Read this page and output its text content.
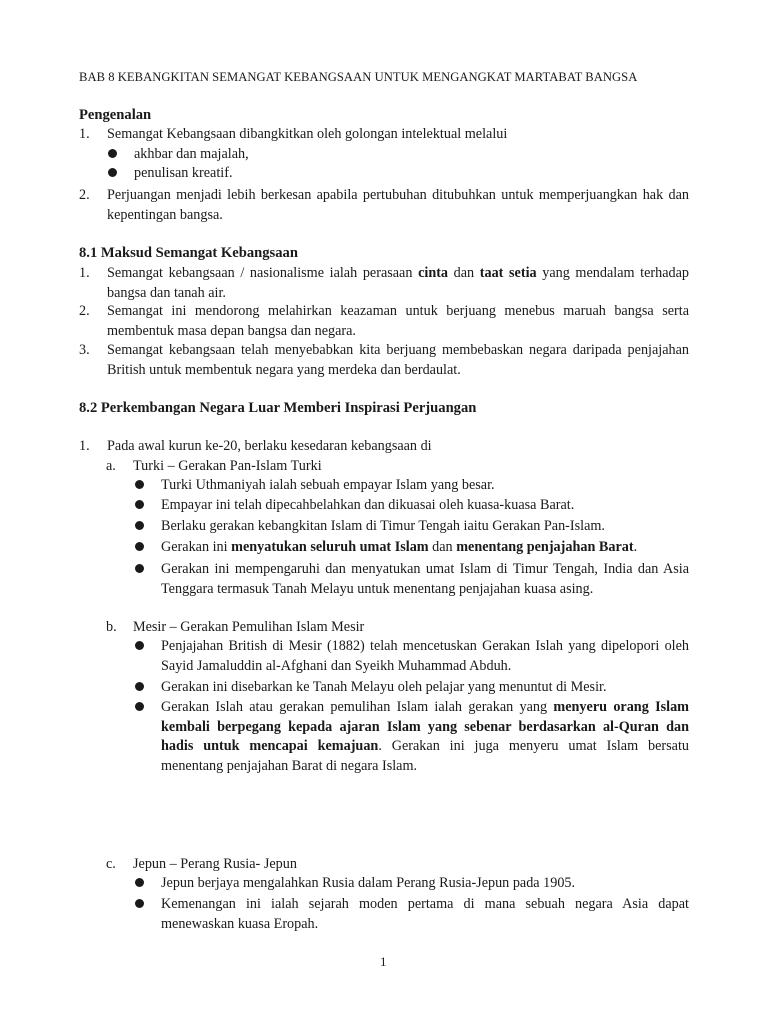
BAB 8 KEBANGKITAN SEMANGAT KEBANGSAAN UNTUK MENGANGKAT MARTABAT BANGSA
Pengenalan
1. Semangat Kebangsaan dibangkitkan oleh golongan intelektual melalui
akhbar dan majalah,
penulisan kreatif.
2. Perjuangan menjadi lebih berkesan apabila pertubuhan ditubuhkan untuk memperjuangkan hak dan kepentingan bangsa.
8.1 Maksud Semangat Kebangsaan
1. Semangat kebangsaan / nasionalisme ialah perasaan cinta dan taat setia yang mendalam terhadap bangsa dan tanah air.
2. Semangat ini mendorong melahirkan keazaman untuk berjuang menebus maruah bangsa serta membentuk masa depan bangsa dan negara.
3. Semangat kebangsaan telah menyebabkan kita berjuang membebaskan negara daripada penjajahan British untuk membentuk negara yang merdeka dan berdaulat.
8.2 Perkembangan Negara Luar Memberi Inspirasi Perjuangan
1. Pada awal kurun ke-20, berlaku kesedaran kebangsaan di
a. Turki – Gerakan Pan-Islam Turki
Turki Uthmaniyah ialah sebuah empayar Islam yang besar.
Empayar ini telah dipecahbelahkan dan dikuasai oleh kuasa-kuasa Barat.
Berlaku gerakan kebangkitan Islam di Timur Tengah iaitu Gerakan Pan-Islam.
Gerakan ini menyatukan seluruh umat Islam dan menentang penjajahan Barat.
Gerakan ini mempengaruhi dan menyatukan umat Islam di Timur Tengah, India dan Asia Tenggara termasuk Tanah Melayu untuk menentang penjajahan kuasa asing.
b. Mesir – Gerakan Pemulihan Islam Mesir
Penjajahan British di Mesir (1882) telah mencetuskan Gerakan Islah yang dipelopori oleh Sayid Jamaluddin al-Afghani dan Syeikh Muhammad Abduh.
Gerakan ini disebarkan ke Tanah Melayu oleh pelajar yang menuntut di Mesir.
Gerakan Islah atau gerakan pemulihan Islam ialah gerakan yang menyeru orang Islam kembali berpegang kepada ajaran Islam yang sebenar berdasarkan al-Quran dan hadis untuk mencapai kemajuan. Gerakan ini juga menyeru umat Islam bersatu menentang penjajahan Barat di negara Islam.
c. Jepun – Perang Rusia- Jepun
Jepun berjaya mengalahkan Rusia dalam Perang Rusia-Jepun pada 1905.
Kemenangan ini ialah sejarah moden pertama di mana sebuah negara Asia dapat menewaskan kuasa Eropah.
1
